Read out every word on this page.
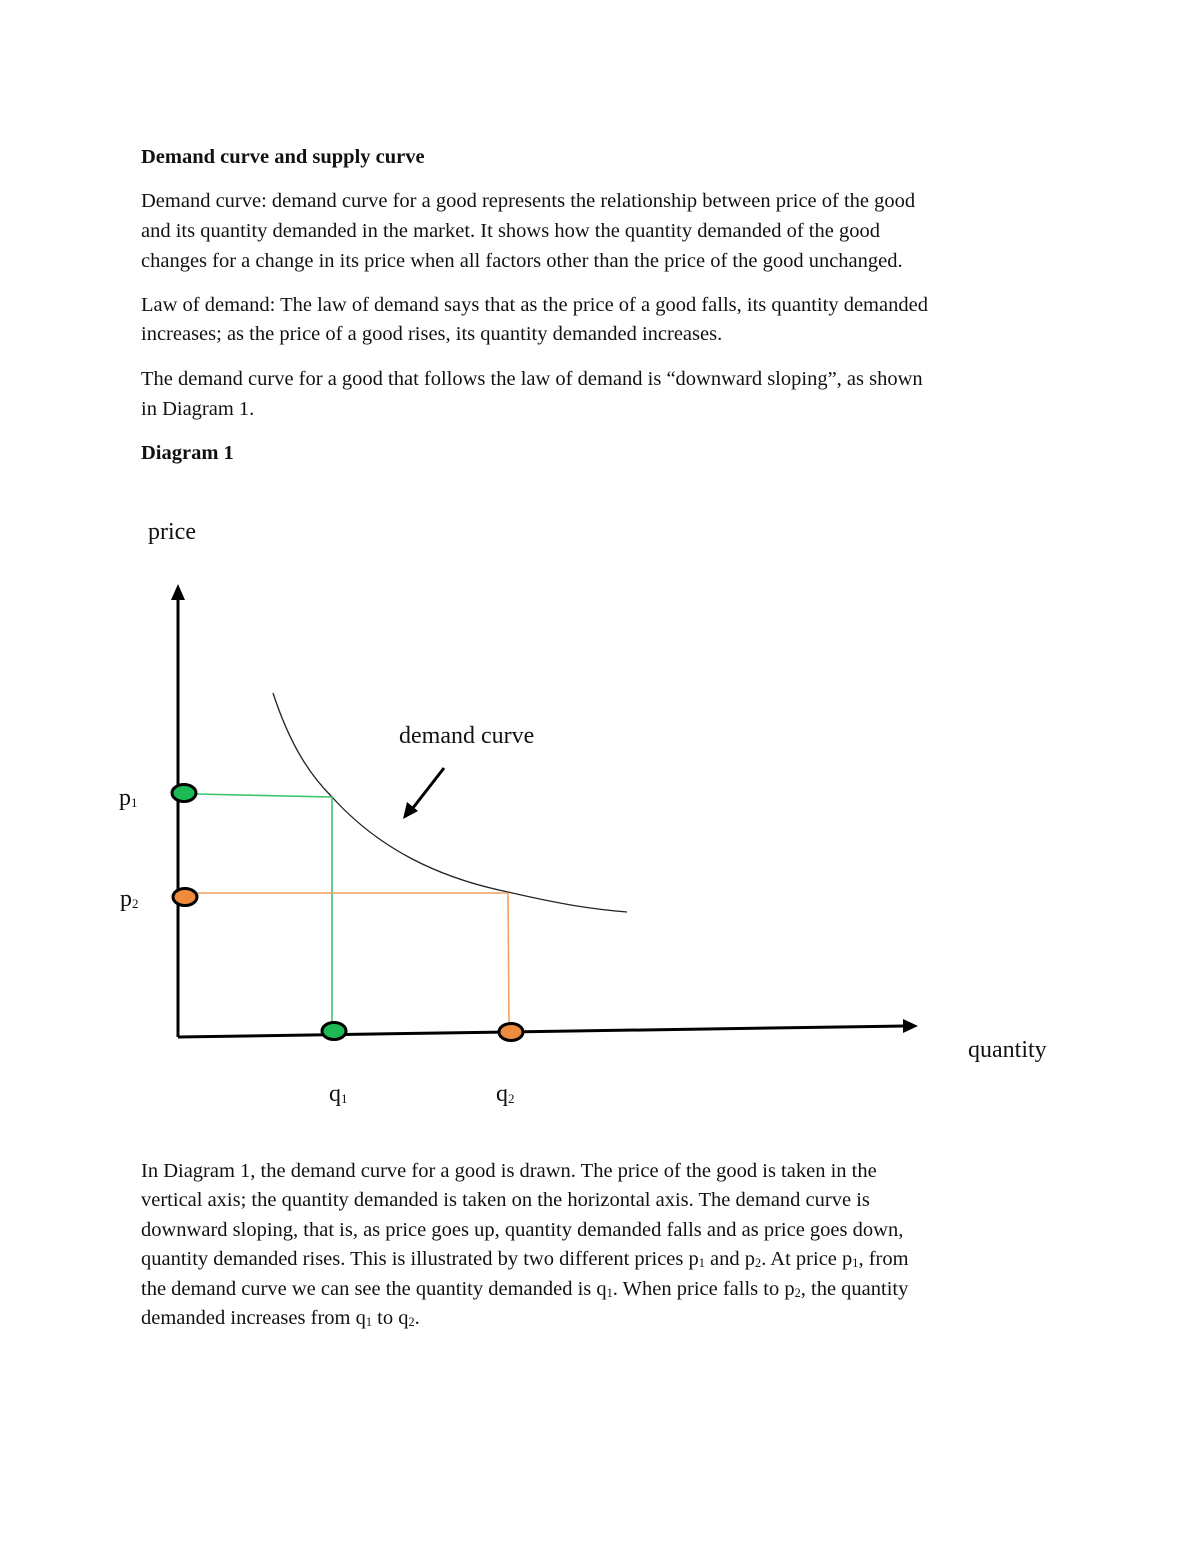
Demand curve and supply curve

Demand curve: demand curve for a good represents the relationship between price of the good

and its quantity demanded in the market. It shows how the quantity demanded of the good

changes for a change in its price when all factors other than the price of the good unchanged.

Law of demand: The law of demand says that as the price of a good falls, its quantity demanded

increases; as the price of a good rises, its quantity demanded increases.

The demand curve for a good that follows the law of demand is “downward sloping”, as shown

in Diagram 1.

Diagram 1
price
quantity
demand curve
p1
p2
q1	q2

In Diagram 1, the demand curve for a good is drawn. The price of the good is taken in the

vertical axis; the quantity demanded is taken on the horizontal axis. The demand curve is

downward sloping, that is, as price goes up, quantity demanded falls and as price goes down,

quantity demanded rises. This is illustrated by two different prices $p_1$ and $p_2$. At price $p_1$, from

the demand curve we can see the quantity demanded is $q_1$. When price falls to $p_2$, the quantity

demanded increases from $q_1$ to $q_2$.
